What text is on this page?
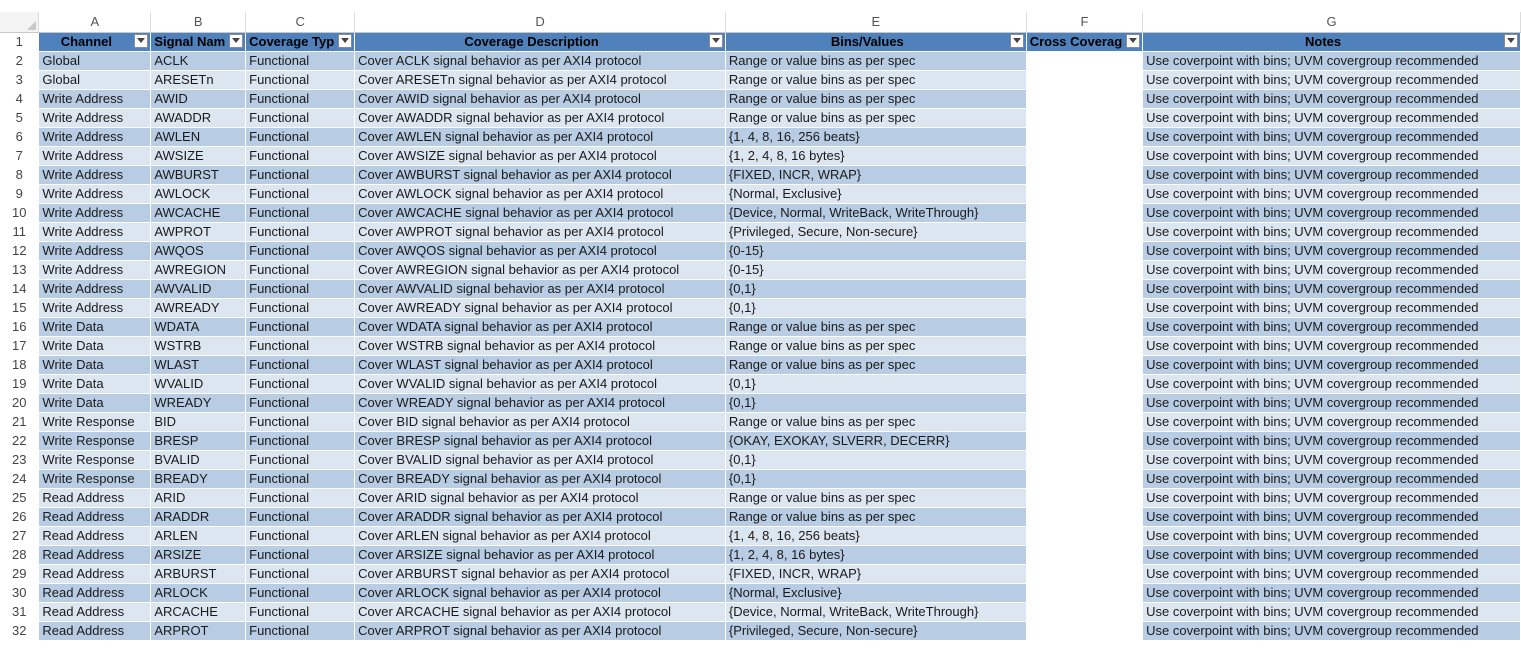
	A	B	C	D	E	F	G
1	Channel	Signal Nam	Coverage Typ	Coverage Description	Bins/Values	Cross Coverag	Notes

2	Global	ACLK	Functional	Cover ACLK signal behavior as per AXI4 protocol	Range or value bins as per spec		Use coverpoint with bins; UVM covergroup recommended
3	Global	ARESETn	Functional	Cover ARESETn signal behavior as per AXI4 protocol	Range or value bins as per spec		Use coverpoint with bins; UVM covergroup recommended
4	Write Address	AWID	Functional	Cover AWID signal behavior as per AXI4 protocol	Range or value bins as per spec		Use coverpoint with bins; UVM covergroup recommended
5	Write Address	AWADDR	Functional	Cover AWADDR signal behavior as per AXI4 protocol	Range or value bins as per spec		Use coverpoint with bins; UVM covergroup recommended
6	Write Address	AWLEN	Functional	Cover AWLEN signal behavior as per AXI4 protocol	{1, 4, 8, 16, 256 beats}		Use coverpoint with bins; UVM covergroup recommended
7	Write Address	AWSIZE	Functional	Cover AWSIZE signal behavior as per AXI4 protocol	{1, 2, 4, 8, 16 bytes}		Use coverpoint with bins; UVM covergroup recommended
8	Write Address	AWBURST	Functional	Cover AWBURST signal behavior as per AXI4 protocol	{FIXED, INCR, WRAP}		Use coverpoint with bins; UVM covergroup recommended
9	Write Address	AWLOCK	Functional	Cover AWLOCK signal behavior as per AXI4 protocol	{Normal, Exclusive}		Use coverpoint with bins; UVM covergroup recommended
10	Write Address	AWCACHE	Functional	Cover AWCACHE signal behavior as per AXI4 protocol	{Device, Normal, WriteBack, WriteThrough}		Use coverpoint with bins; UVM covergroup recommended
11	Write Address	AWPROT	Functional	Cover AWPROT signal behavior as per AXI4 protocol	{Privileged, Secure, Non-secure}		Use coverpoint with bins; UVM covergroup recommended
12	Write Address	AWQOS	Functional	Cover AWQOS signal behavior as per AXI4 protocol	{0-15}		Use coverpoint with bins; UVM covergroup recommended
13	Write Address	AWREGION	Functional	Cover AWREGION signal behavior as per AXI4 protocol	{0-15}		Use coverpoint with bins; UVM covergroup recommended
14	Write Address	AWVALID	Functional	Cover AWVALID signal behavior as per AXI4 protocol	{0,1}		Use coverpoint with bins; UVM covergroup recommended
15	Write Address	AWREADY	Functional	Cover AWREADY signal behavior as per AXI4 protocol	{0,1}		Use coverpoint with bins; UVM covergroup recommended
16	Write Data	WDATA	Functional	Cover WDATA signal behavior as per AXI4 protocol	Range or value bins as per spec		Use coverpoint with bins; UVM covergroup recommended
17	Write Data	WSTRB	Functional	Cover WSTRB signal behavior as per AXI4 protocol	Range or value bins as per spec		Use coverpoint with bins; UVM covergroup recommended
18	Write Data	WLAST	Functional	Cover WLAST signal behavior as per AXI4 protocol	Range or value bins as per spec		Use coverpoint with bins; UVM covergroup recommended
19	Write Data	WVALID	Functional	Cover WVALID signal behavior as per AXI4 protocol	{0,1}		Use coverpoint with bins; UVM covergroup recommended
20	Write Data	WREADY	Functional	Cover WREADY signal behavior as per AXI4 protocol	{0,1}		Use coverpoint with bins; UVM covergroup recommended
21	Write Response	BID	Functional	Cover BID signal behavior as per AXI4 protocol	Range or value bins as per spec		Use coverpoint with bins; UVM covergroup recommended
22	Write Response	BRESP	Functional	Cover BRESP signal behavior as per AXI4 protocol	{OKAY, EXOKAY, SLVERR, DECERR}		Use coverpoint with bins; UVM covergroup recommended
23	Write Response	BVALID	Functional	Cover BVALID signal behavior as per AXI4 protocol	{0,1}		Use coverpoint with bins; UVM covergroup recommended
24	Write Response	BREADY	Functional	Cover BREADY signal behavior as per AXI4 protocol	{0,1}		Use coverpoint with bins; UVM covergroup recommended
25	Read Address	ARID	Functional	Cover ARID signal behavior as per AXI4 protocol	Range or value bins as per spec		Use coverpoint with bins; UVM covergroup recommended
26	Read Address	ARADDR	Functional	Cover ARADDR signal behavior as per AXI4 protocol	Range or value bins as per spec		Use coverpoint with bins; UVM covergroup recommended
27	Read Address	ARLEN	Functional	Cover ARLEN signal behavior as per AXI4 protocol	{1, 4, 8, 16, 256 beats}		Use coverpoint with bins; UVM covergroup recommended
28	Read Address	ARSIZE	Functional	Cover ARSIZE signal behavior as per AXI4 protocol	{1, 2, 4, 8, 16 bytes}		Use coverpoint with bins; UVM covergroup recommended
29	Read Address	ARBURST	Functional	Cover ARBURST signal behavior as per AXI4 protocol	{FIXED, INCR, WRAP}		Use coverpoint with bins; UVM covergroup recommended
30	Read Address	ARLOCK	Functional	Cover ARLOCK signal behavior as per AXI4 protocol	{Normal, Exclusive}		Use coverpoint with bins; UVM covergroup recommended
31	Read Address	ARCACHE	Functional	Cover ARCACHE signal behavior as per AXI4 protocol	{Device, Normal, WriteBack, WriteThrough}		Use coverpoint with bins; UVM covergroup recommended
32	Read Address	ARPROT	Functional	Cover ARPROT signal behavior as per AXI4 protocol	{Privileged, Secure, Non-secure}		Use coverpoint with bins; UVM covergroup recommended
